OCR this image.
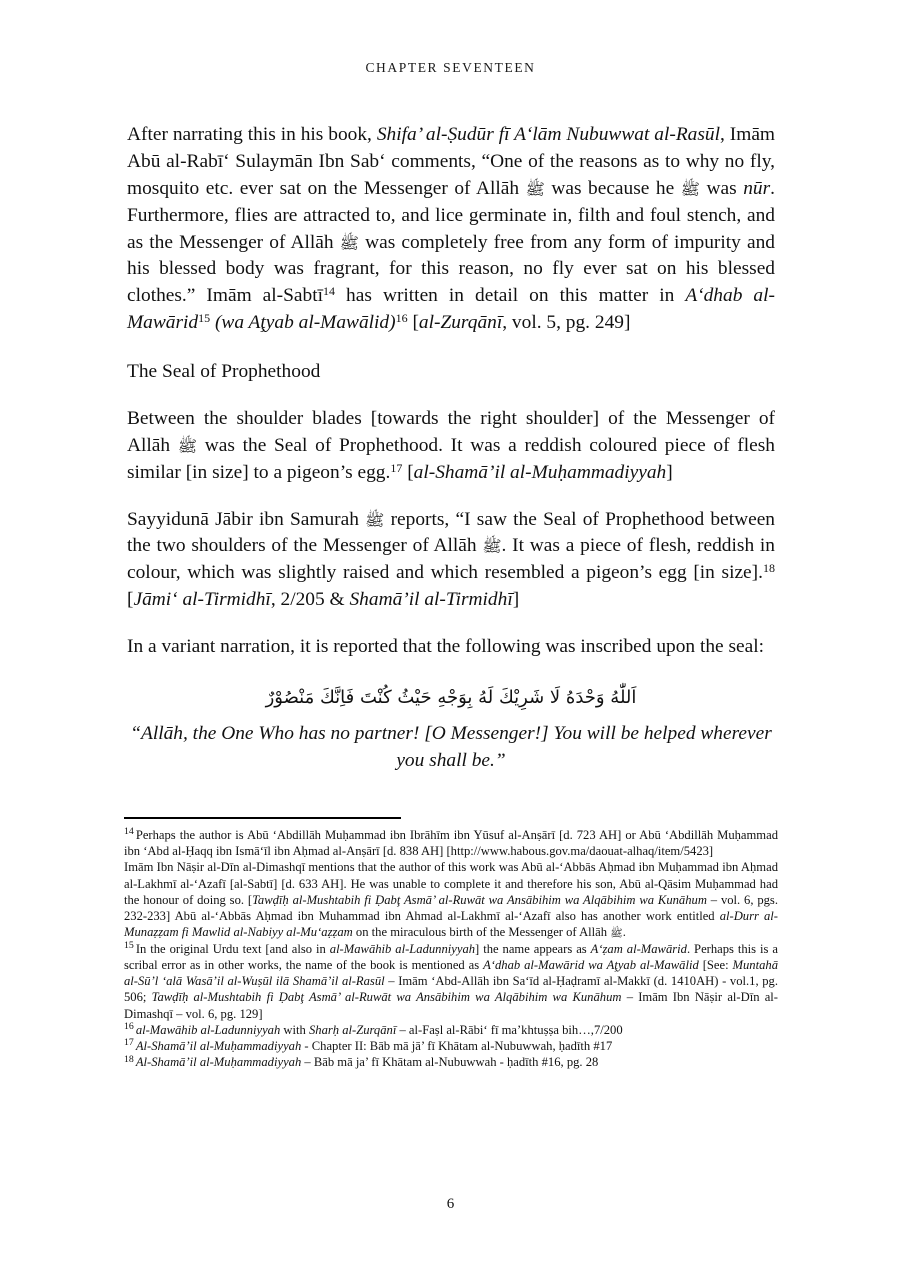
CHAPTER SEVENTEEN

After narrating this in his book, Shifa’ al-Ṣudūr fī A‘lām Nubuwwat al-Rasūl, Imām Abū al-Rabī‘ Sulaymān Ibn Sab‘ comments, “One of the reasons as to why no fly, mosquito etc. ever sat on the Messenger of Allāh ﷺ was because he ﷺ was nūr. Furthermore, flies are attracted to, and lice germinate in, filth and foul stench, and as the Messenger of Allāh ﷺ was completely free from any form of impurity and his blessed body was fragrant, for this reason, no fly ever sat on his blessed clothes.” Imām al-Sabtī$^{14}$ has written in detail on this matter in A‘dhab al-Mawārid$^{15}$ (wa Aţyab al-Mawālid)$^{16}$ [al-Zurqānī, vol. 5, pg. 249]

The Seal of Prophethood

Between the shoulder blades [towards the right shoulder] of the Messenger of Allāh ﷺ was the Seal of Prophethood. It was a reddish coloured piece of flesh similar [in size] to a pigeon’s egg.$^{17}$ [al-Shamā’il al-Muḥammadiyyah]

Sayyidunā Jābir ibn Samurah ﷺ reports, “I saw the Seal of Prophethood between the two shoulders of the Messenger of Allāh ﷺ. It was a piece of flesh, reddish in colour, which was slightly raised and which resembled a pigeon’s egg [in size].$^{18}$ [Jāmi‘ al-Tirmidhī, 2/205 & Shamā’il al-Tirmidhī]

In a variant narration, it is reported that the following was inscribed upon the seal:

اَللّٰهُ وَحْدَهُ لَا شَرِيْكَ لَهُ بِوَجْهِ حَيْثُ كُنْتَ فَاِنَّكَ مَنْصُوْرٌ

“Allāh, the One Who has no partner! [O Messenger!] You will be helped wherever

you shall be.”

$^{14}$ Perhaps the author is Abū ‘Abdillāh Muḥammad ibn Ibrāhīm ibn Yūsuf al-Anṣārī [d. 723 AH] or Abū ‘Abdillāh Muḥammad ibn ‘Abd al-Ḥaqq ibn Ismā‘īl ibn Aḥmad al-Anṣārī [d. 838 AH] [http://www.habous.gov.ma/daouat-alhaq/item/5423]

Imām Ibn Nāṣir al-Dīn al-Dimashqī mentions that the author of this work was Abū al-‘Abbās Aḥmad ibn Muḥammad ibn Aḥmad al-Lakhmī al-‘Azafī [al-Sabtī] [d. 633 AH]. He was unable to complete it and therefore his son, Abū al-Qāsim Muḥammad had the honour of doing so. [Tawḍīḥ al-Mushtabih fi Ḍabţ Asmā’ al-Ruwāt wa Ansābihim wa Alqābihim wa Kunāhum – vol. 6, pgs. 232-233] Abū al-‘Abbās Aḥmad ibn Muhammad ibn Ahmad al-Lakhmī al-‘Azafī also has another work entitled al-Durr al-Munaẓẓam fi Mawlid al-Nabiyy al-Mu‘aẓẓam on the miraculous birth of the Messenger of Allāh ﷺ.

$^{15}$ In the original Urdu text [and also in al-Mawāhib al-Ladunniyyah] the name appears as A‘ẓam al-Mawārid. Perhaps this is a scribal error as in other works, the name of the book is mentioned as A‘dhab al-Mawārid wa Aţyab al-Mawālid [See: Muntahā al-Sū’l ‘alā Wasā’il al-Wuṣūl ilā Shamā’il al-Rasūl – Imām ‘Abd-Allāh ibn Sa‘īd al-Ḥaḍramī al-Makkī (d. 1410AH) - vol.1, pg. 506; Tawḍīḥ al-Mushtabih fi Ḍabţ Asmā’ al-Ruwāt wa Ansābihim wa Alqābihim wa Kunāhum – Imām Ibn Nāṣir al-Dīn al-Dimashqī – vol. 6, pg. 129]

$^{16}$ al-Mawāhib al-Ladunniyyah with Sharḥ al-Zurqānī – al-Faṣl al-Rābi‘ fī ma’khtuṣṣa bih…,7/200

$^{17}$ Al-Shamā’il al-Muḥammadiyyah - Chapter II: Bāb mā jā’ fī Khātam al-Nubuwwah, ḥadīth #17

$^{18}$ Al-Shamā’il al-Muḥammadiyyah – Bāb mā ja’ fī Khātam al-Nubuwwah - ḥadīth #16, pg. 28

6
